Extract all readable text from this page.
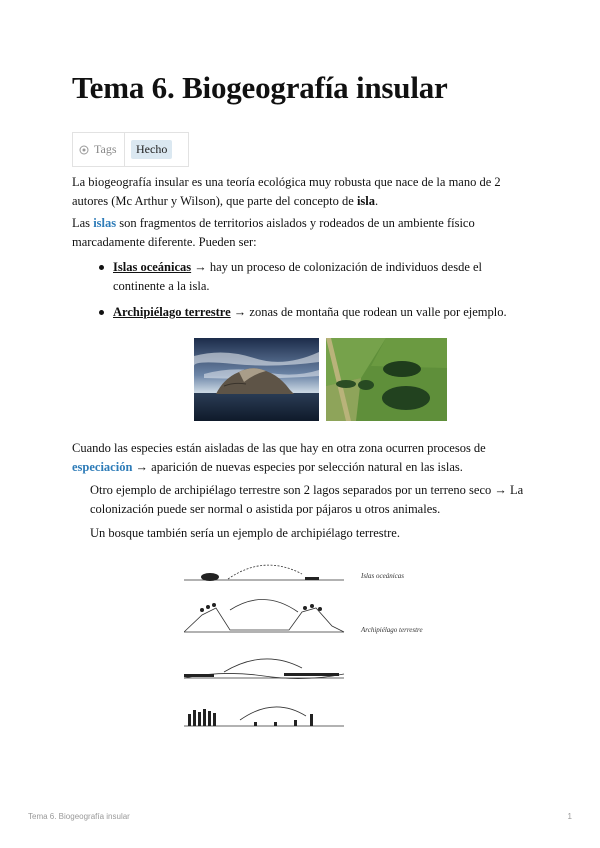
Tema 6. Biogeografía insular
Tags	Hecho

La biogeografía insular es una teoría ecológica muy robusta que nace de la mano de 2 autores (Mc Arthur y Wilson), que parte del concepto de isla.

Las islas son fragmentos de territorios aislados y rodeados de un ambiente físico marcadamente diferente. Pueden ser:

Islas oceánicas → hay un proceso de colonización de individuos desde el continente a la isla.
Archipiélago terrestre → zonas de montaña que rodean un valle por ejemplo.

Cuando las especies están aisladas de las que hay en otra zona ocurren procesos de especiación → aparición de nuevas especies por selección natural en las islas.

Otro ejemplo de archipiélago terrestre son 2 lagos separados por un terreno seco → La colonización puede ser normal o asistida por pájaros u otros animales.

Un bosque también sería un ejemplo de archipiélago terrestre.

Islas oceánicas
Archipiélago terrestre
Tema 6. Biogeografía insular	1
